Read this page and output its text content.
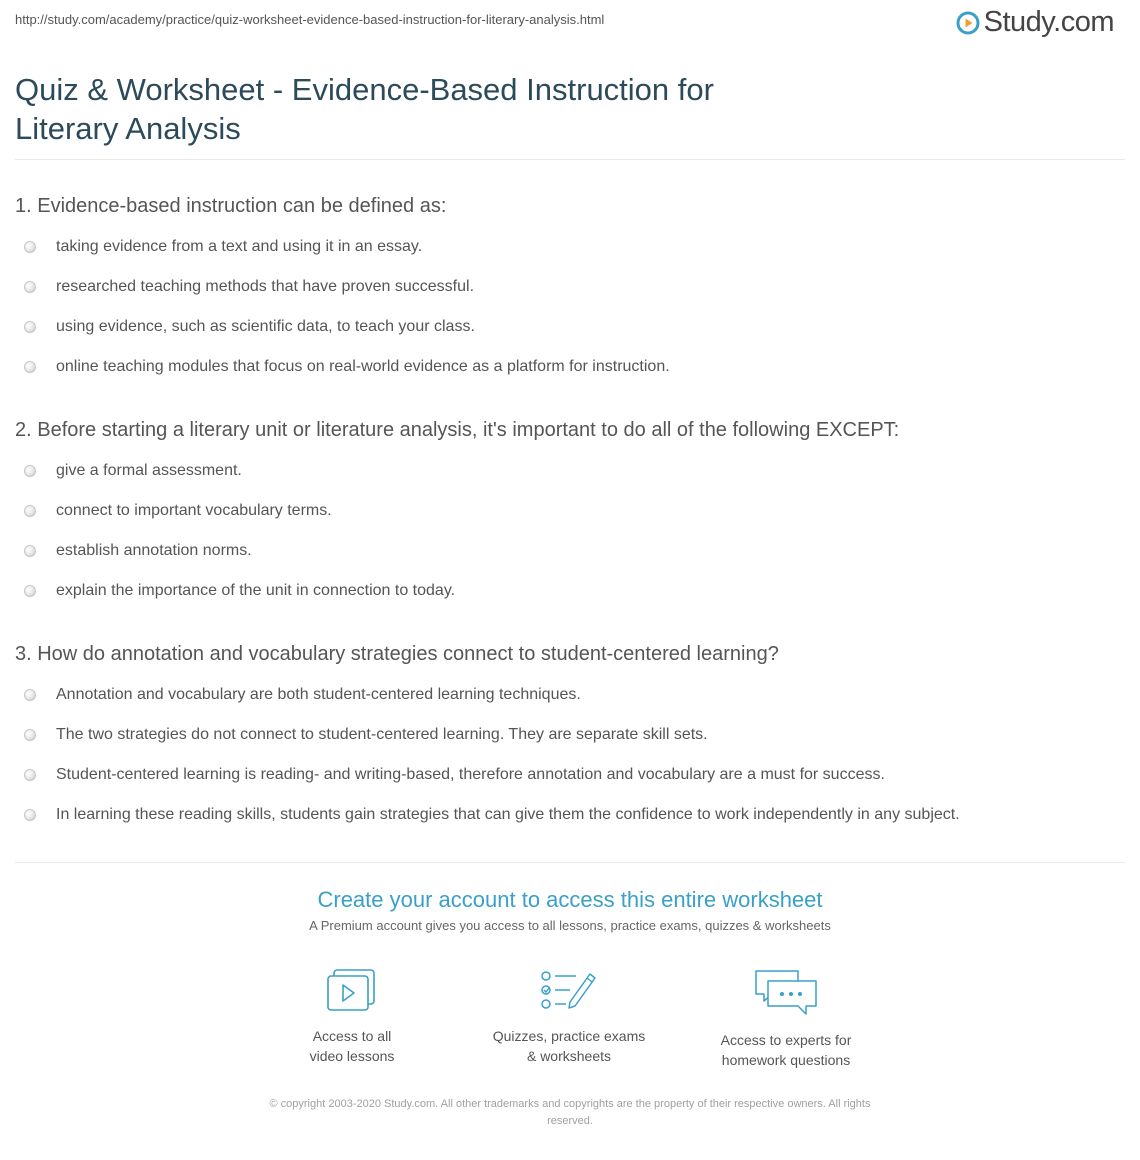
http://study.com/academy/practice/quiz-worksheet-evidence-based-instruction-for-literary-analysis.html	Study.com
Quiz & Worksheet - Evidence-Based Instruction for
Literary Analysis
1. Evidence-based instruction can be defined as:
taking evidence from a text and using it in an essay.
researched teaching methods that have proven successful.
using evidence, such as scientific data, to teach your class.
online teaching modules that focus on real-world evidence as a platform for instruction.
2. Before starting a literary unit or literature analysis, it's important to do all of the following EXCEPT:
give a formal assessment.
connect to important vocabulary terms.
establish annotation norms.
explain the importance of the unit in connection to today.
3. How do annotation and vocabulary strategies connect to student-centered learning?
Annotation and vocabulary are both student-centered learning techniques.
The two strategies do not connect to student-centered learning. They are separate skill sets.
Student-centered learning is reading- and writing-based, therefore annotation and vocabulary are a must for success.
In learning these reading skills, students gain strategies that can give them the confidence to work independently in any subject.
Create your account to access this entire worksheet
A Premium account gives you access to all lessons, practice exams, quizzes & worksheets
Access to all
video lessons
Quizzes, practice exams
& worksheets
Access to experts for
homework questions
© copyright 2003-2020 Study.com. All other trademarks and copyrights are the property of their respective owners. All rights
reserved.
